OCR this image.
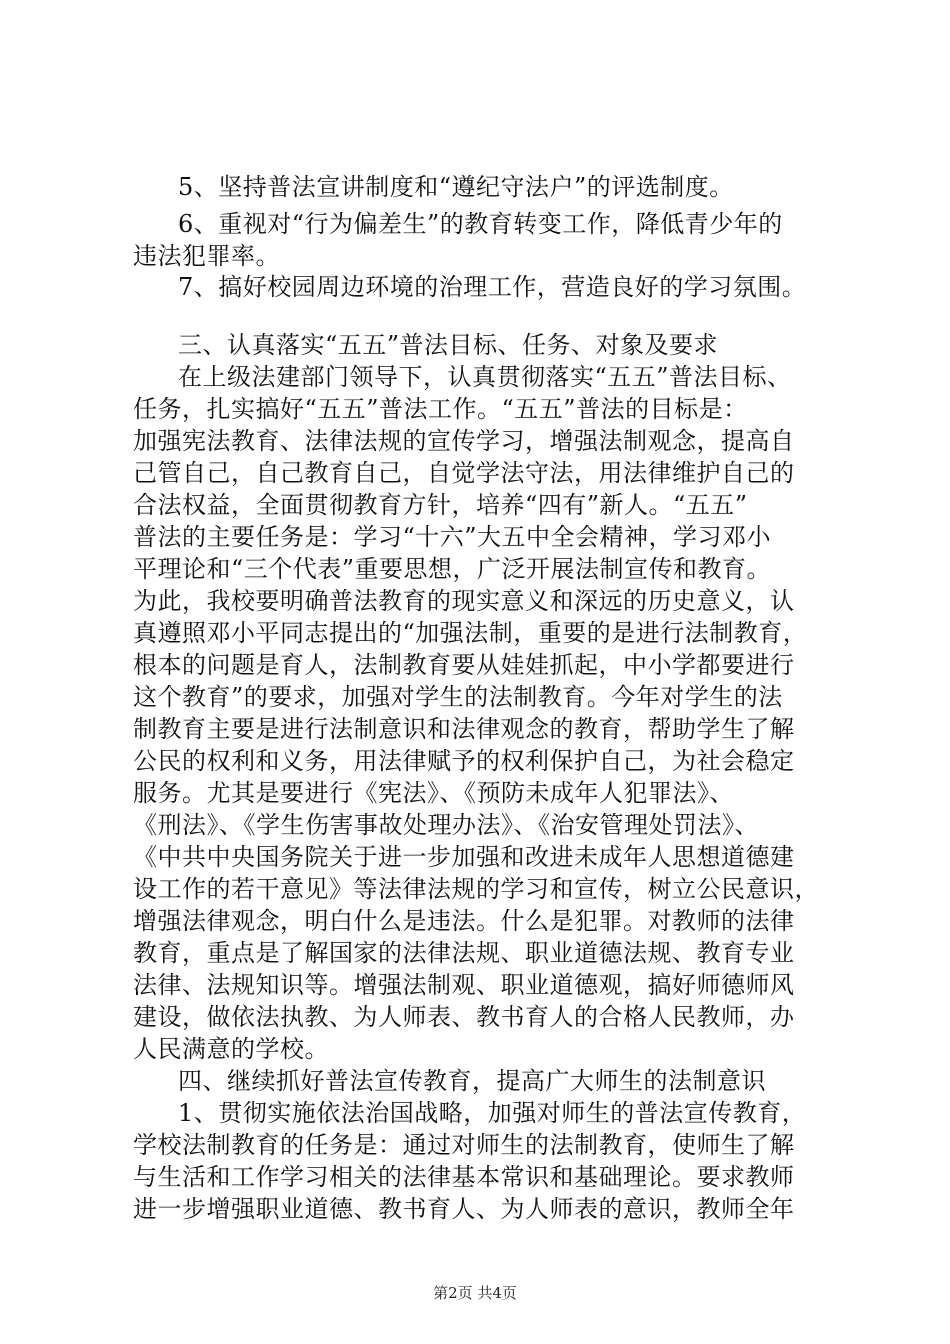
5、坚持普法宣讲制度和“遵纪守法户”的评选制度。
6、重视对“行为偏差生”的教育转变工作，降低青少年的
违法犯罪率。
7、搞好校园周边环境的治理工作，营造良好的学习氛围。
三、认真落实“五五”普法目标、任务、对象及要求
在上级法建部门领导下，认真贯彻落实“五五”普法目标、
任务，扎实搞好“五五”普法工作。“五五”普法的目标是：
加强宪法教育、法律法规的宣传学习，增强法制观念，提高自
己管自己，自己教育自己，自觉学法守法，用法律维护自己的
合法权益，全面贯彻教育方针，培养“四有”新人。“五五”
普法的主要任务是：学习“十六”大五中全会精神，学习邓小
平理论和“三个代表”重要思想，广泛开展法制宣传和教育。
为此，我校要明确普法教育的现实意义和深远的历史意义，认
真遵照邓小平同志提出的“加强法制，重要的是进行法制教育，
根本的问题是育人，法制教育要从娃娃抓起，中小学都要进行
这个教育”的要求，加强对学生的法制教育。今年对学生的法
制教育主要是进行法制意识和法律观念的教育，帮助学生了解
公民的权利和义务，用法律赋予的权利保护自己，为社会稳定
服务。尤其是要进行《宪法》、《预防未成年人犯罪法》、
《刑法》、《学生伤害事故处理办法》、《治安管理处罚法》、
《中共中央国务院关于进一步加强和改进未成年人思想道德建
设工作的若干意见》等法律法规的学习和宣传，树立公民意识，
增强法律观念，明白什么是违法。什么是犯罪。对教师的法律
教育，重点是了解国家的法律法规、职业道德法规、教育专业
法律、法规知识等。增强法制观、职业道德观，搞好师德师风
建设，做依法执教、为人师表、教书育人的合格人民教师，办
人民满意的学校。
四、继续抓好普法宣传教育，提高广大师生的法制意识
1、贯彻实施依法治国战略，加强对师生的普法宣传教育，
学校法制教育的任务是：通过对师生的法制教育，使师生了解
与生活和工作学习相关的法律基本常识和基础理论。要求教师
进一步增强职业道德、教书育人、为人师表的意识，教师全年
第2页 共4页
